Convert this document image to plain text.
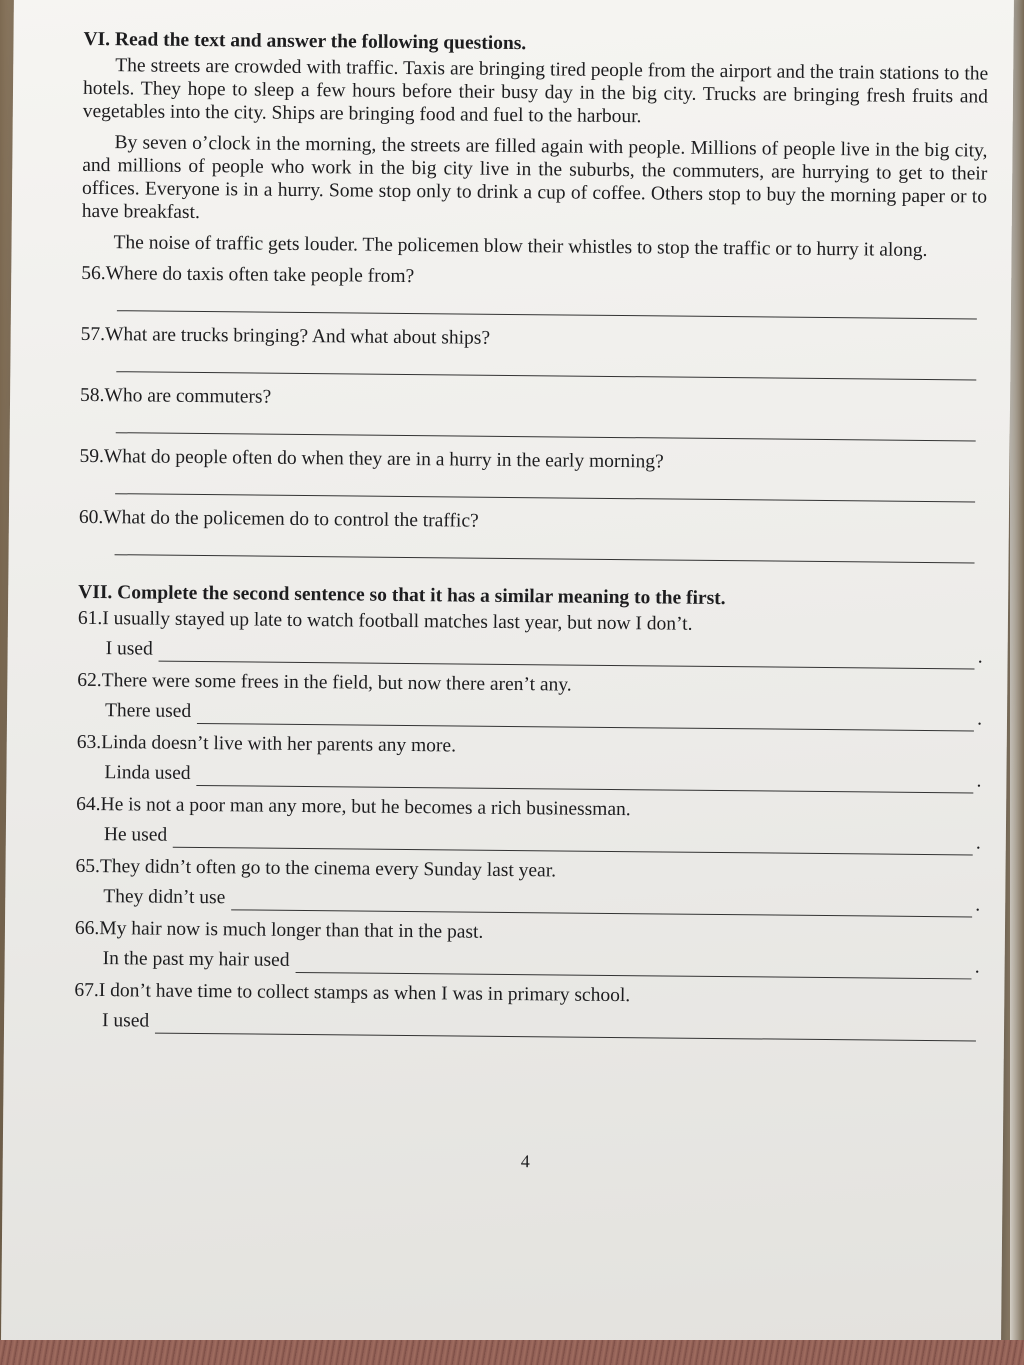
VI. Read the text and answer the following questions.

The streets are crowded with traffic. Taxis are bringing tired people from the airport and the train stations to the hotels. They hope to sleep a few hours before their busy day in the big city. Trucks are bringing fresh fruits and vegetables into the city. Ships are bringing food and fuel to the harbour.

By seven o’clock in the morning, the streets are filled again with people. Millions of people live in the big city, and millions of people who work in the big city live in the suburbs, the commuters, are hurrying to get to their offices. Everyone is in a hurry. Some stop only to drink a cup of coffee. Others stop to buy the morning paper or to have breakfast.

The noise of traffic gets louder. The policemen blow their whistles to stop the traffic or to hurry it along.

56.Where do taxis often take people from?

57.What are trucks bringing? And what about ships?

58.Who are commuters?

59.What do people often do when they are in a hurry in the early morning?

60.What do the policemen do to control the traffic?

VII. Complete the second sentence so that it has a similar meaning to the first.

61.I usually stayed up late to watch football matches last year, but now I don’t.
I used	.
62.There were some frees in the field, but now there aren’t any.
There used	.
63.Linda doesn’t live with her parents any more.
Linda used	.
64.He is not a poor man any more, but he becomes a rich businessman.
He used	.
65.They didn’t often go to the cinema every Sunday last year.
They didn’t use	.
66.My hair now is much longer than that in the past.
In the past my hair used	.
67.I don’t have time to collect stamps as when I was in primary school.
I used
4
